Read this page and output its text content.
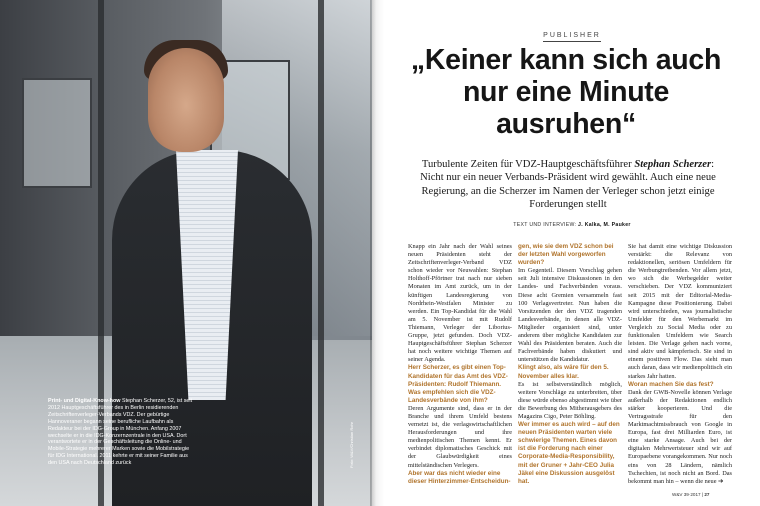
Print- und Digital-Know-how Stephan Scherzer, 52, ist seit 2012 Hauptgeschäftsführer des in Berlin residierenden Zeitschriftenverleger-Verbands VDZ. Der gebürtige Hannoveraner begann seine berufliche Laufbahn als Redakteur bei der IDG-Group in München. Anfang 2007 wechselte er in die IDG-Konzernzentrale in den USA. Dort verantwortete er in der Geschäftsleitung die Online- und Mobile-Strategie mehrerer Marken sowie die Mobilstrategie für IDG International. 2011 kehrte er mit seiner Familie aus den USA nach Deutschland zurück	Foto: W&V/Christian Rohr
PUBLISHER
„Keiner kann sich auch
nur eine Minute
ausruhen“
Turbulente Zeiten für VDZ-Hauptgeschäftsführer Stephan Scherzer: Nicht nur ein neuer Verbands-Präsident wird gewählt. Auch eine neue Regierung, an die Scherzer im Namen der Verleger schon jetzt einige Forderungen stellt
TEXT UND INTERVIEW: J. Kalka, M. Pauker

Knapp ein Jahr nach der Wahl seines neuen Präsidenten steht der Zeitschriftenverleger-Verband VDZ schon wieder vor Neuwahlen: Stephan Holthoff-Pförtner trat nach nur sieben Monaten im Amt zurück, um in der künftigen Landesregierung von Nordrhein-Westfalen Minister zu werden. Ein Top-Kandidat für die Wahl am 5. November ist mit Rudolf Thiemann, Verleger der Liborius-Gruppe, jetzt gefunden. Doch VDZ-Hauptgeschäftsführer Stephan Scherzer hat noch weitere wichtige Themen auf seiner Agenda.

Herr Scherzer, es gibt einen Top-Kandidaten für das Amt des VDZ-Präsidenten: Rudolf Thiemann. Was empfehlen sich die VDZ-Landesverbände von ihm?

Deren Argumente sind, dass er in der Branche und ihrem Umfeld bestens vernetzt ist, die verlagswirtschaftlichen Herausforderungen und ihre medienpolitischen Themen kennt. Er verbindet diplomatisches Geschick mit der Glaubwürdigkeit eines mittelständischen Verlegers.

Aber war das nicht wieder eine dieser Hinterzimmer-Entscheidun-

gen, wie sie dem VDZ schon bei der letzten Wahl vorgeworfen wurden?

Im Gegenteil. Diesem Vorschlag gehen seit Juli intensive Diskussionen in den Landes- und Fachverbänden voraus. Diese acht Gremien versammeln fast 100 Verlagsvertreter. Nun haben die Vorsitzenden der den VDZ tragenden Landesverbände, in denen alle VDZ-Mitglieder organisiert sind, unter anderem über mögliche Kandidaten zur Wahl des Präsidenten beraten. Auch die Fachverbände haben diskutiert und unterstützen die Kandidatur.

Klingt also, als wäre für den 5. November alles klar.

Es ist selbstverständlich möglich, weitere Vorschläge zu unterbreiten, über diese würde ebenso abgestimmt wie über die Bewerbung des Mitherausgebers des Magazins Cigo, Peter Böhling.

Wer immer es auch wird – auf den neuen Präsidenten warten viele schwierige Themen. Eines davon ist die Forderung nach einer Corporate-Media-Responsibility, mit der Gruner + Jahr-CEO Julia Jäkel eine Diskussion ausgelöst hat.

Sie hat damit eine wichtige Diskussion verstärkt: die Relevanz von redaktionellen, seriösen Umfeldern für die Werbungtreibenden. Vor allem jetzt, wo sich die Werbegelder weiter verschieben. Der VDZ kommuniziert seit 2015 mit der Editorial-Media-Kampagne diese Positionierung. Dabei wird unterschieden, was journalistische Umfelder für den Werbemarkt im Vergleich zu Social Media oder zu funktionalen Umfeldern wie Search leisten. Die Verlage gehen nach vorne, sind aktiv und kämpferisch. Sie sind in einem positiven Flow. Das sieht man auch daran, dass wir medienpolitisch ein starkes Jahr hatten.

Woran machen Sie das fest?

Dank der GWB-Novelle können Verlage außerhalb der Redaktionen endlich stärker kooperieren. Und die Vertragsstrafe für den Marktmachtmissbrauch von Google in Europa, fast drei Milliarden Euro, ist eine starke Ansage. Auch bei der digitalen Mehrwertsteuer sind wir auf Europaebene vorangekommen. Nur noch eins von 28 Ländern, nämlich Tschechien, ist noch nicht an Bord. Das bekommt man hin – wenn die neue ➔

W&V 39·2017 | 27
